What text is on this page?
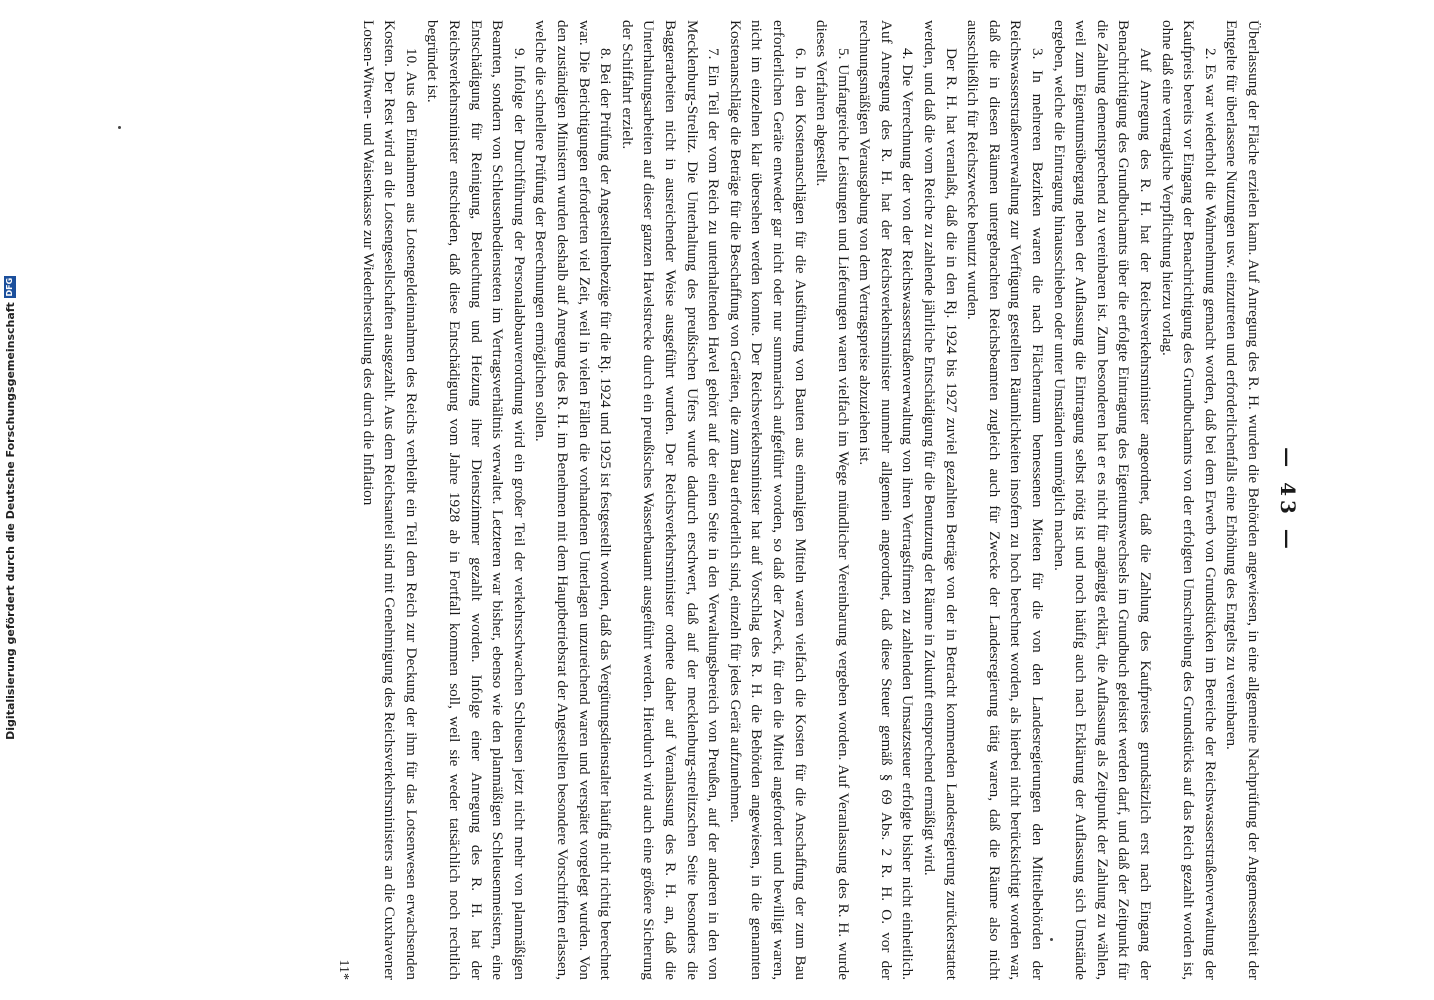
— 43 —

Überlassung der Fläche erzielen kann. Auf Anregung des R. H. wurden die Behörden angewiesen, in eine allgemeine Nachprüfung der Angemessenheit der Entgelte für überlassene Nutzungen usw. einzutreten und erforderlichenfalls eine Erhöhung des Entgelts zu vereinbaren.

2. Es war wiederholt die Wahrnehmung gemacht worden, daß bei dem Erwerb von Grundstücken im Bereiche der Reichswasserstraßenverwaltung der Kaufpreis bereits vor Eingang der Benachrichtigung des Grundbuchamts von der erfolgten Umschreibung des Grundstücks auf das Reich gezahlt worden ist, ohne daß eine vertragliche Verpflichtung hierzu vorlag.

Auf Anregung des R. H. hat der Reichsverkehrsminister angeordnet, daß die Zahlung des Kaufpreises grundsätzlich erst nach Eingang der Benachrichtigung des Grundbuchamts über die erfolgte Eintragung des Eigentumswechsels im Grundbuch geleistet werden darf, und daß der Zeitpunkt für die Zahlung dementsprechend zu vereinbaren ist. Zum besonderen hat er es nicht für angängig erklärt, die Auflassung als Zeitpunkt der Zahlung zu wählen, weil zum Eigentumsübergang neben der Auflassung die Eintragung selbst nötig ist und noch häufig auch nach Erklärung der Auflassung sich Umstände ergeben, welche die Eintragung hinausschieben oder unter Umständen unmöglich machen.

3. In mehreren Bezirken waren die nach Flächenraum bemessenen Mieten für die von den Landesregierungen den Mittelbehörden der Reichswasserstraßenverwaltung zur Verfügung gestellten Räumlichkeiten insofern zu hoch berechnet worden, als hierbei nicht berücksichtigt worden war, daß die in diesen Räumen untergebrachten Reichsbeamten zugleich auch für Zwecke der Landesregierung tätig waren, daß die Räume also nicht ausschließlich für Reichszwecke benutzt wurden.

Der R. H. hat veranlaßt, daß die in den Rj. 1924 bis 1927 zuviel gezahlten Beträge von der in Betracht kommenden Landesregierung zurückerstattet werden, und daß die vom Reiche zu zahlende jährliche Entschädigung für die Benutzung der Räume in Zukunft entsprechend ermäßigt wird.

4. Die Verrechnung der von der Reichswasserstraßenverwaltung von ihren Vertragsfirmen zu zahlenden Umsatzsteuer erfolgte bisher nicht einheitlich. Auf Anregung des R. H. hat der Reichsverkehrsminister nunmehr allgemein angeordnet, daß diese Steuer gemäß § 69 Abs. 2 R. H. O. vor der rechnungsmäßigen Verausgabung von dem Vertragspreise abzuziehen ist.

5. Umfangreiche Leistungen und Lieferungen waren vielfach im Wege mündlicher Vereinbarung vergeben worden. Auf Veranlassung des R. H. wurde dieses Verfahren abgestellt.

6. In den Kostenanschlägen für die Ausführung von Bauten aus einmaligen Mitteln waren vielfach die Kosten für die Anschaffung der zum Bau erforderlichen Geräte entweder gar nicht oder nur summarisch aufgeführt worden, so daß der Zweck, für den die Mittel angefordert und bewilligt waren, nicht im einzelnen klar übersehen werden konnte. Der Reichsverkehrsminister hat auf Vorschlag des R. H. die Behörden angewiesen, in die genannten Kostenanschläge die Beträge für die Beschaffung von Geräten, die zum Bau erforderlich sind, einzeln für jedes Gerät aufzunehmen.

7. Ein Teil der vom Reich zu unterhaltenden Havel gehört auf der einen Seite in den Verwaltungsbereich von Preußen, auf der anderen in den von Mecklenburg-Strelitz. Die Unterhaltung des preußischen Ufers wurde dadurch erschwert, daß auf der mecklenburg-strelitzschen Seite besonders die Baggerarbeiten nicht in ausreichender Weise ausgeführt wurden. Der Reichsverkehrsminister ordnete daher auf Veranlassung des R. H. an, daß die Unterhaltungsarbeiten auf dieser ganzen Havelstrecke durch ein preußisches Wasserbauamt ausgeführt werden. Hierdurch wird auch eine größere Sicherung der Schiffahrt erzielt.

8. Bei der Prüfung der Angestelltenbezüge für die Rj. 1924 und 1925 ist festgestellt worden, daß das Vergütungsdienstalter häufig nicht richtig berechnet war. Die Berichtigungen erforderten viel Zeit, weil in vielen Fällen die vorhandenen Unterlagen unzureichend waren und verspätet vorgelegt wurden. Von den zuständigen Ministern wurden deshalb auf Anregung des R. H. im Benehmen mit dem Hauptbetriebsrat der Angestellten besondere Vorschriften erlassen, welche die schnellere Prüfung der Berechnungen ermöglichen sollen.

9. Infolge der Durchführung der Personalabbauverordnung wird ein großer Teil der verkehrsschwachen Schleusen jetzt nicht mehr von planmäßigen Beamten, sondern von Schleusenbediensteten im Vertragsverhältnis verwaltet. Letzteren war bisher, ebenso wie den planmäßigen Schleusenmeistern, eine Entschädigung für Reinigung, Beleuchtung und Heizung ihrer Dienstzimmer gezahlt worden. Infolge einer Anregung des R. H. hat der Reichsverkehrsminister entschieden, daß diese Entschädigung vom Jahre 1928 ab in Fortfall kommen soll, weil sie weder tatsächlich noch rechtlich begründet ist.

10. Aus den Einnahmen aus Lotsengeldeinnahmen des Reichs verbleibt ein Teil dem Reich zur Deckung der ihm für das Lotsenwesen erwachsenden Kosten. Der Rest wird an die Lotsengesellschaften ausgezahlt. Aus dem Reichsanteil sind mit Genehmigung des Reichsverkehrsministers an die Cuxhavener Lotsen-Witwen- und Waisenkasse zur Wiederherstellung des durch die Inflation

11*
Digitalisierung gefördert durch die Deutsche Forschungsgemeinschaft
DFG
